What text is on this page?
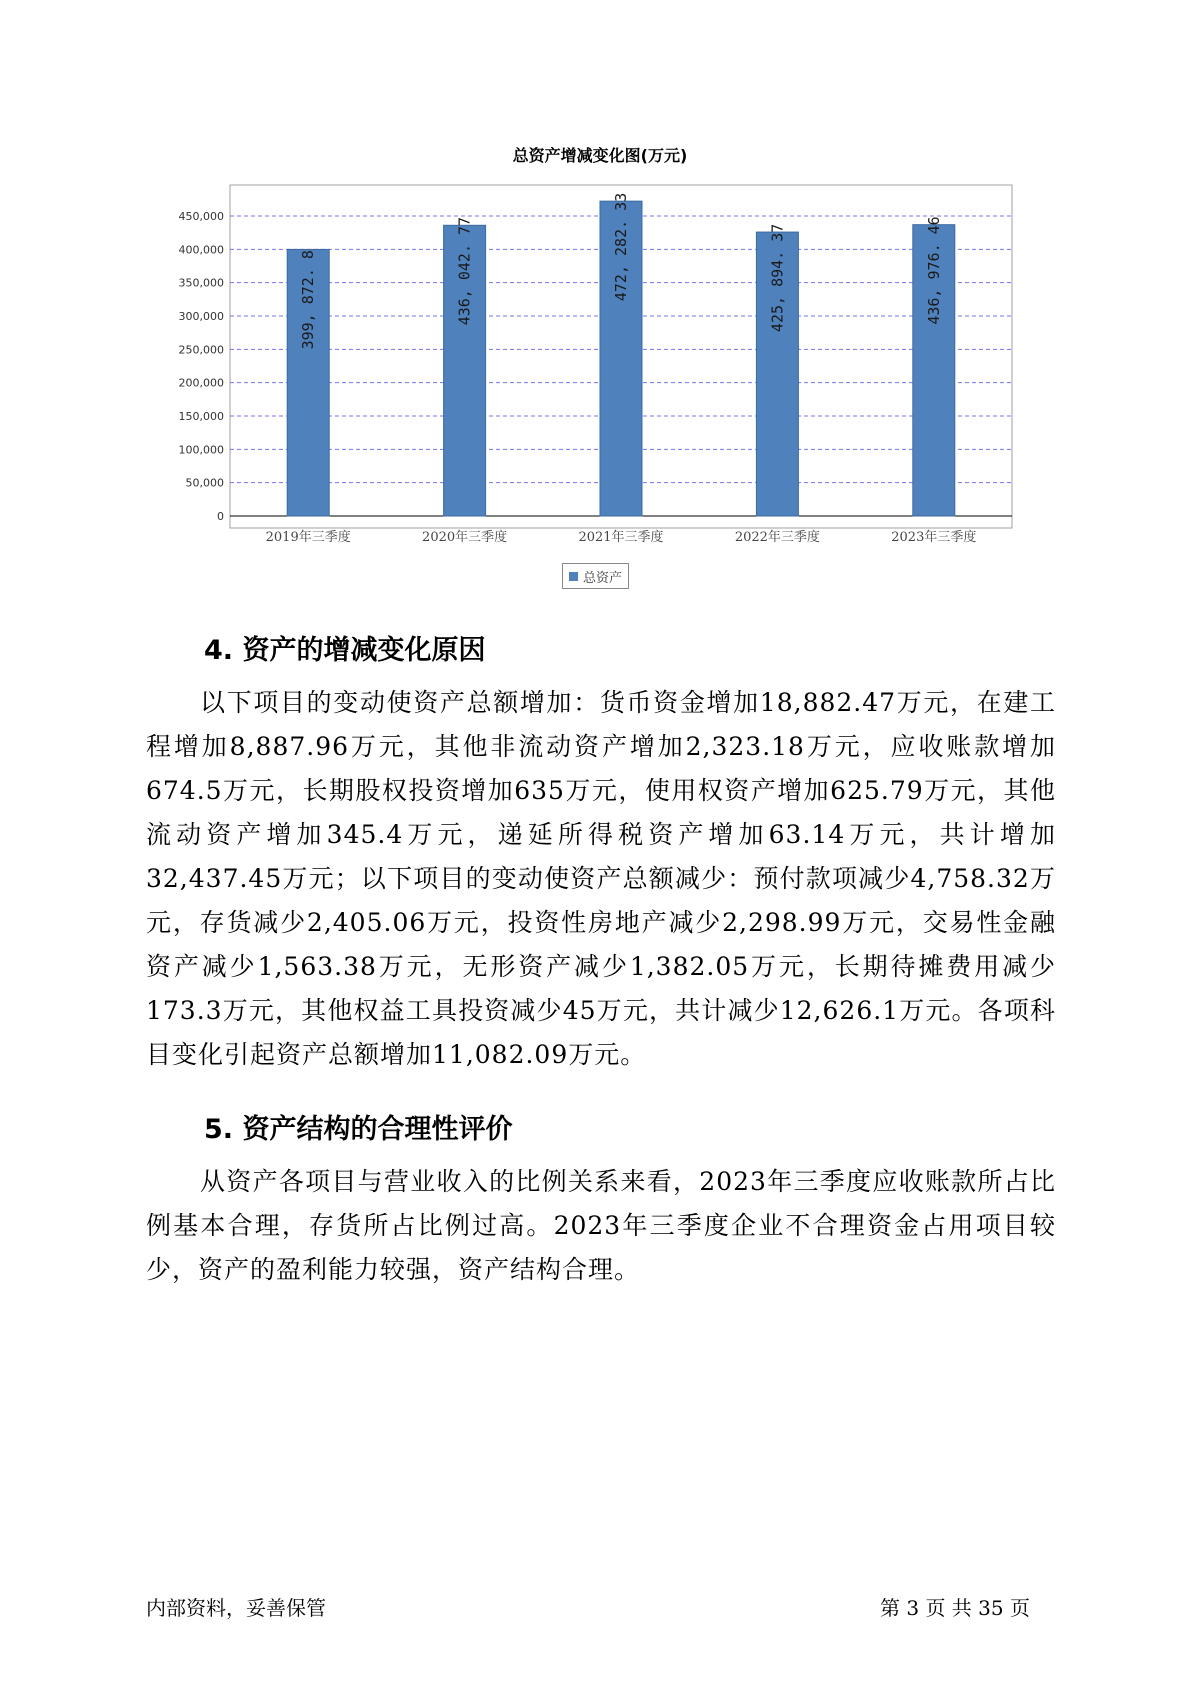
总资产增减变化图(万元)
0
50,000
100,000
150,000
200,000
250,000
300,000
350,000
400,000
450,000
399, 872. 8
2019年三季度
436, 042. 77
2020年三季度
472, 282. 33
2021年三季度
425, 894. 37
2022年三季度
436, 976. 46
2023年三季度
总资产
4. 资产的增减变化原因

以下项目的变动使资产总额增加：货币资金增加18,882.47万元，在建工程增加8,887.96万元，其他非流动资产增加2,323.18万元，应收账款增加674.5万元，长期股权投资增加635万元，使用权资产增加625.79万元，其他流动资产增加345.4万元，递延所得税资产增加63.14万元，共计增加32,437.45万元；以下项目的变动使资产总额减少：预付款项减少4,758.32万元，存货减少2,405.06万元，投资性房地产减少2,298.99万元，交易性金融资产减少1,563.38万元，无形资产减少1,382.05万元，长期待摊费用减少173.3万元，其他权益工具投资减少45万元，共计减少12,626.1万元。各项科目变化引起资产总额增加11,082.09万元。

5. 资产结构的合理性评价

从资产各项目与营业收入的比例关系来看，2023年三季度应收账款所占比例基本合理，存货所占比例过高。2023年三季度企业不合理资金占用项目较少，资产的盈利能力较强，资产结构合理。

内部资料，妥善保管	第 3 页 共 35 页
